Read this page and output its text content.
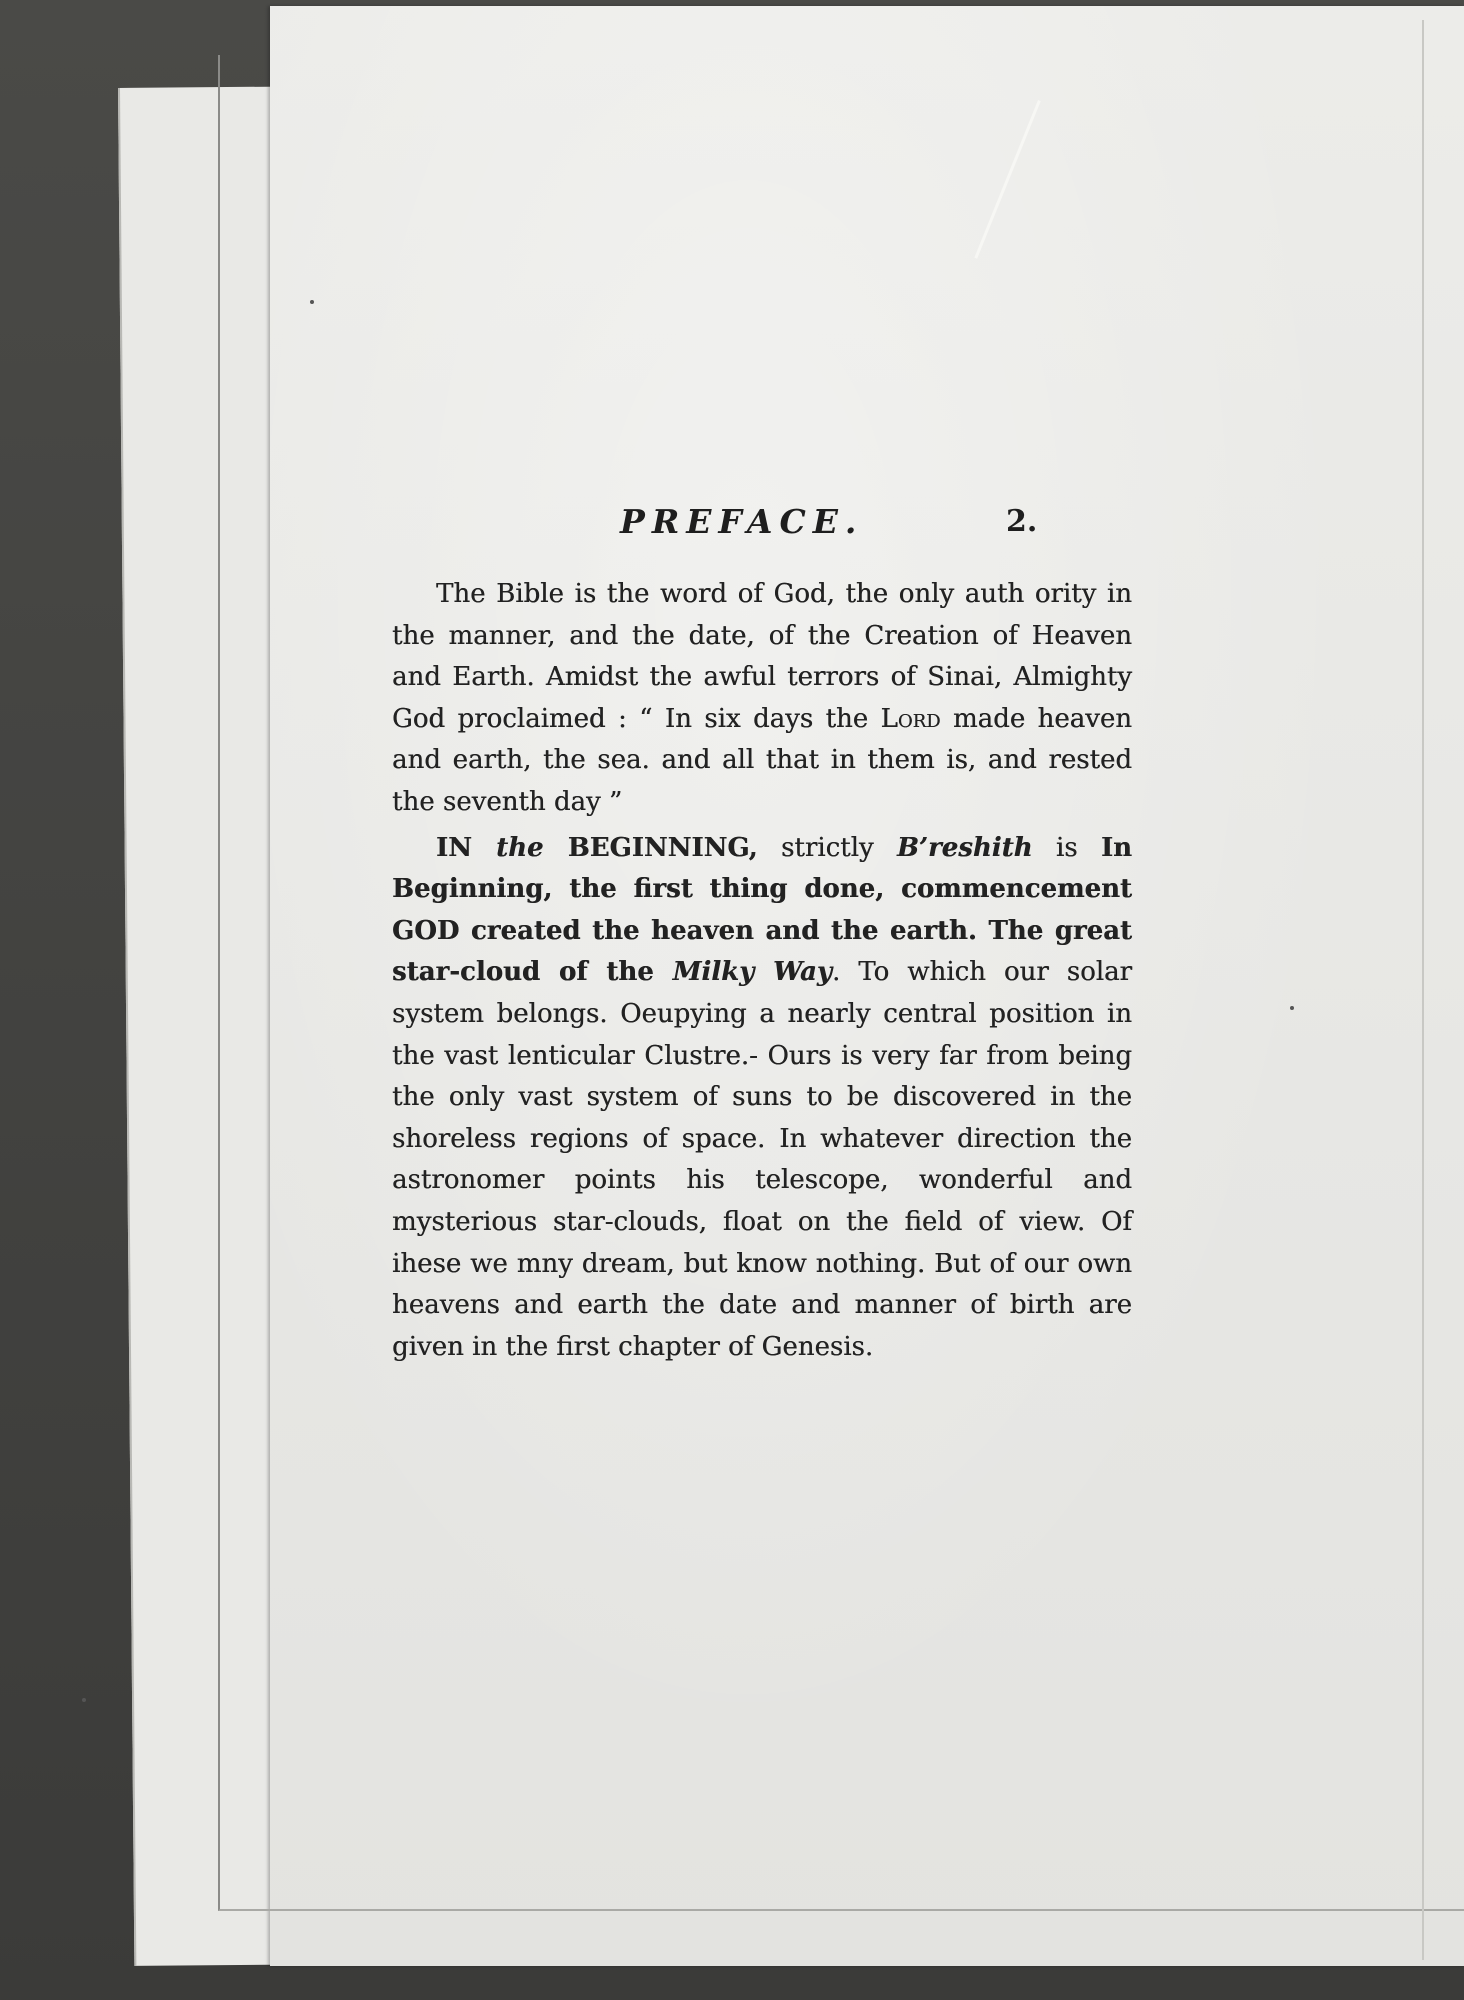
PREFACE.	2.

The Bible is the word of God, the only auth ority in the manner, and the date, of the Creation of Heaven and Earth. Amidst the awful terrors of Sinai, Almighty God proclaimed : “ In six days the Lord made heaven and earth, the sea. and all that in them is, and rested the seventh day ”

IN the BEGINNING, strictly B’reshith is In Beginning, the first thing done, commencement GOD created the heaven and the earth. The great star-cloud of the Milky Way. To which our solar system belongs. Oeupying a nearly central position in the vast lenticular Clustre.- Ours is very far from being the only vast system of suns to be discovered in the shoreless regions of space. In whatever direction the astronomer points his telescope, wonderful and mysterious star-clouds, float on the field of view. Of ihese we mny dream, but know nothing. But of our own heavens and earth the date and manner of birth are given in the first chapter of Genesis.
